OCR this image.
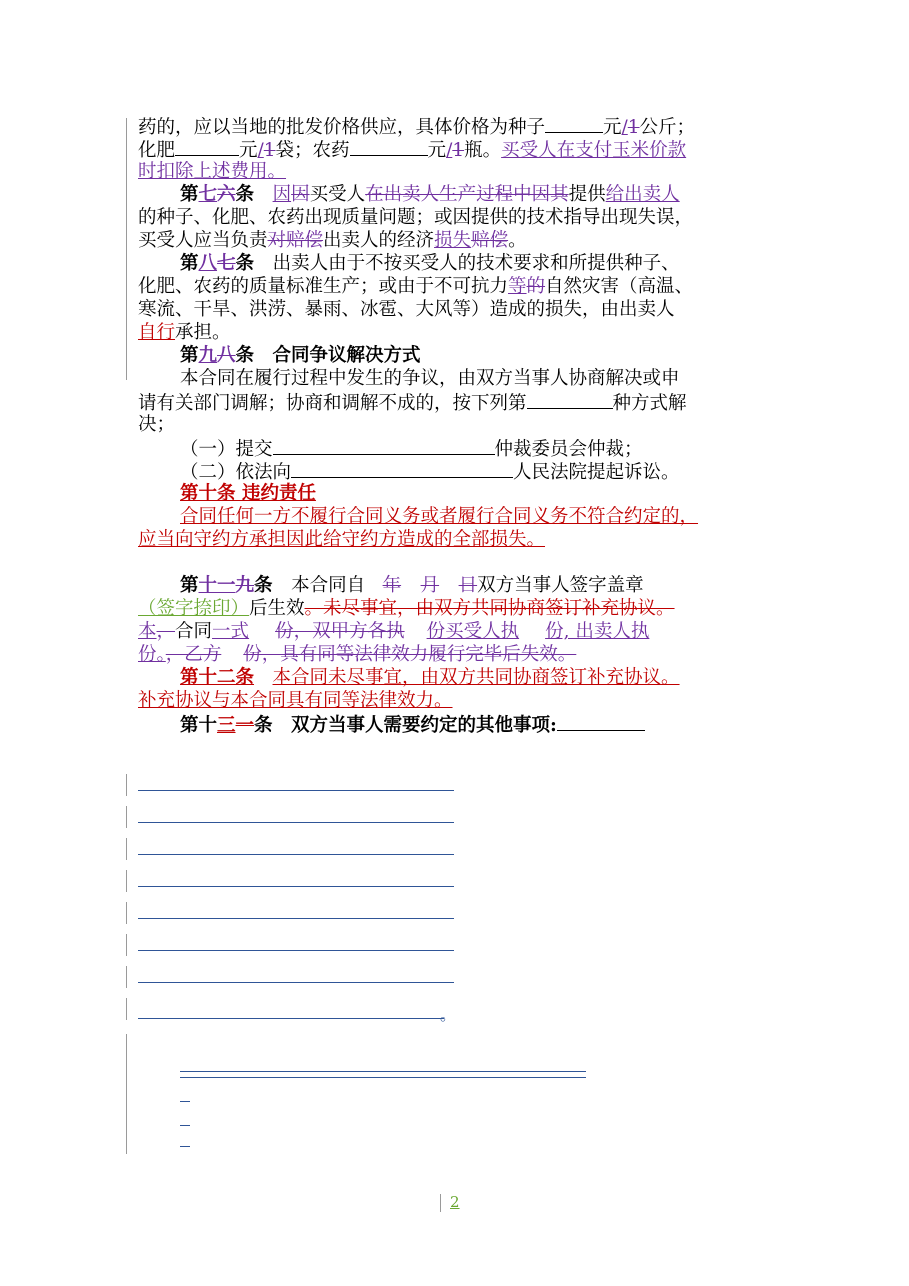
药的，应以当地的批发价格供应，具体价格为种子	元/1公斤；
化肥	元/1袋；农药	元/1瓶。买受人在支付玉米价款
时扣除上述费用。
第七六条　 因因买受人在出卖人生产过程中因其提供给出卖人
的种子、化肥、农药出现质量问题；或因提供的技术指导出现失误，
买受人应当负责对赔偿出卖人的经济损失赔偿。
第八七条　 出卖人由于不按买受人的技术要求和所提供种子、
化肥、农药的质量标准生产；或由于不可抗力等的自然灾害（高温、
寒流、干旱、洪涝、暴雨、冰雹、大风等）造成的损失，由出卖人
自行承担。
第九八条　合同争议解决方式
本合同在履行过程中发生的争议，由双方当事人协商解决或申
请有关部门调解；协商和调解不成的，按下列第	种方式解
决；
（一）提交	仲裁委员会仲裁；
（二）依法向	人民法院提起诉讼。
第十条 违约责任
合同任何一方不履行合同义务或者履行合同义务不符合约定的，
应当向守约方承担因此给守约方造成的全部损失。
第十一九条　 本合同自 年 月 日双方当事人签字盖章
（签字捺印）后生效。未尽事宜，由双方共同协商签订补充协议。
本，合同一式 份，双甲方各执 份买受人执 份, 出卖人执
份。，乙方 份，具有同等法律效力履行完毕后失效。
第十二条　 本合同未尽事宜，由双方共同协商签订补充协议。
补充协议与本合同具有同等法律效力。
第十三一条　双方当事人需要约定的其他事项:
。
2
